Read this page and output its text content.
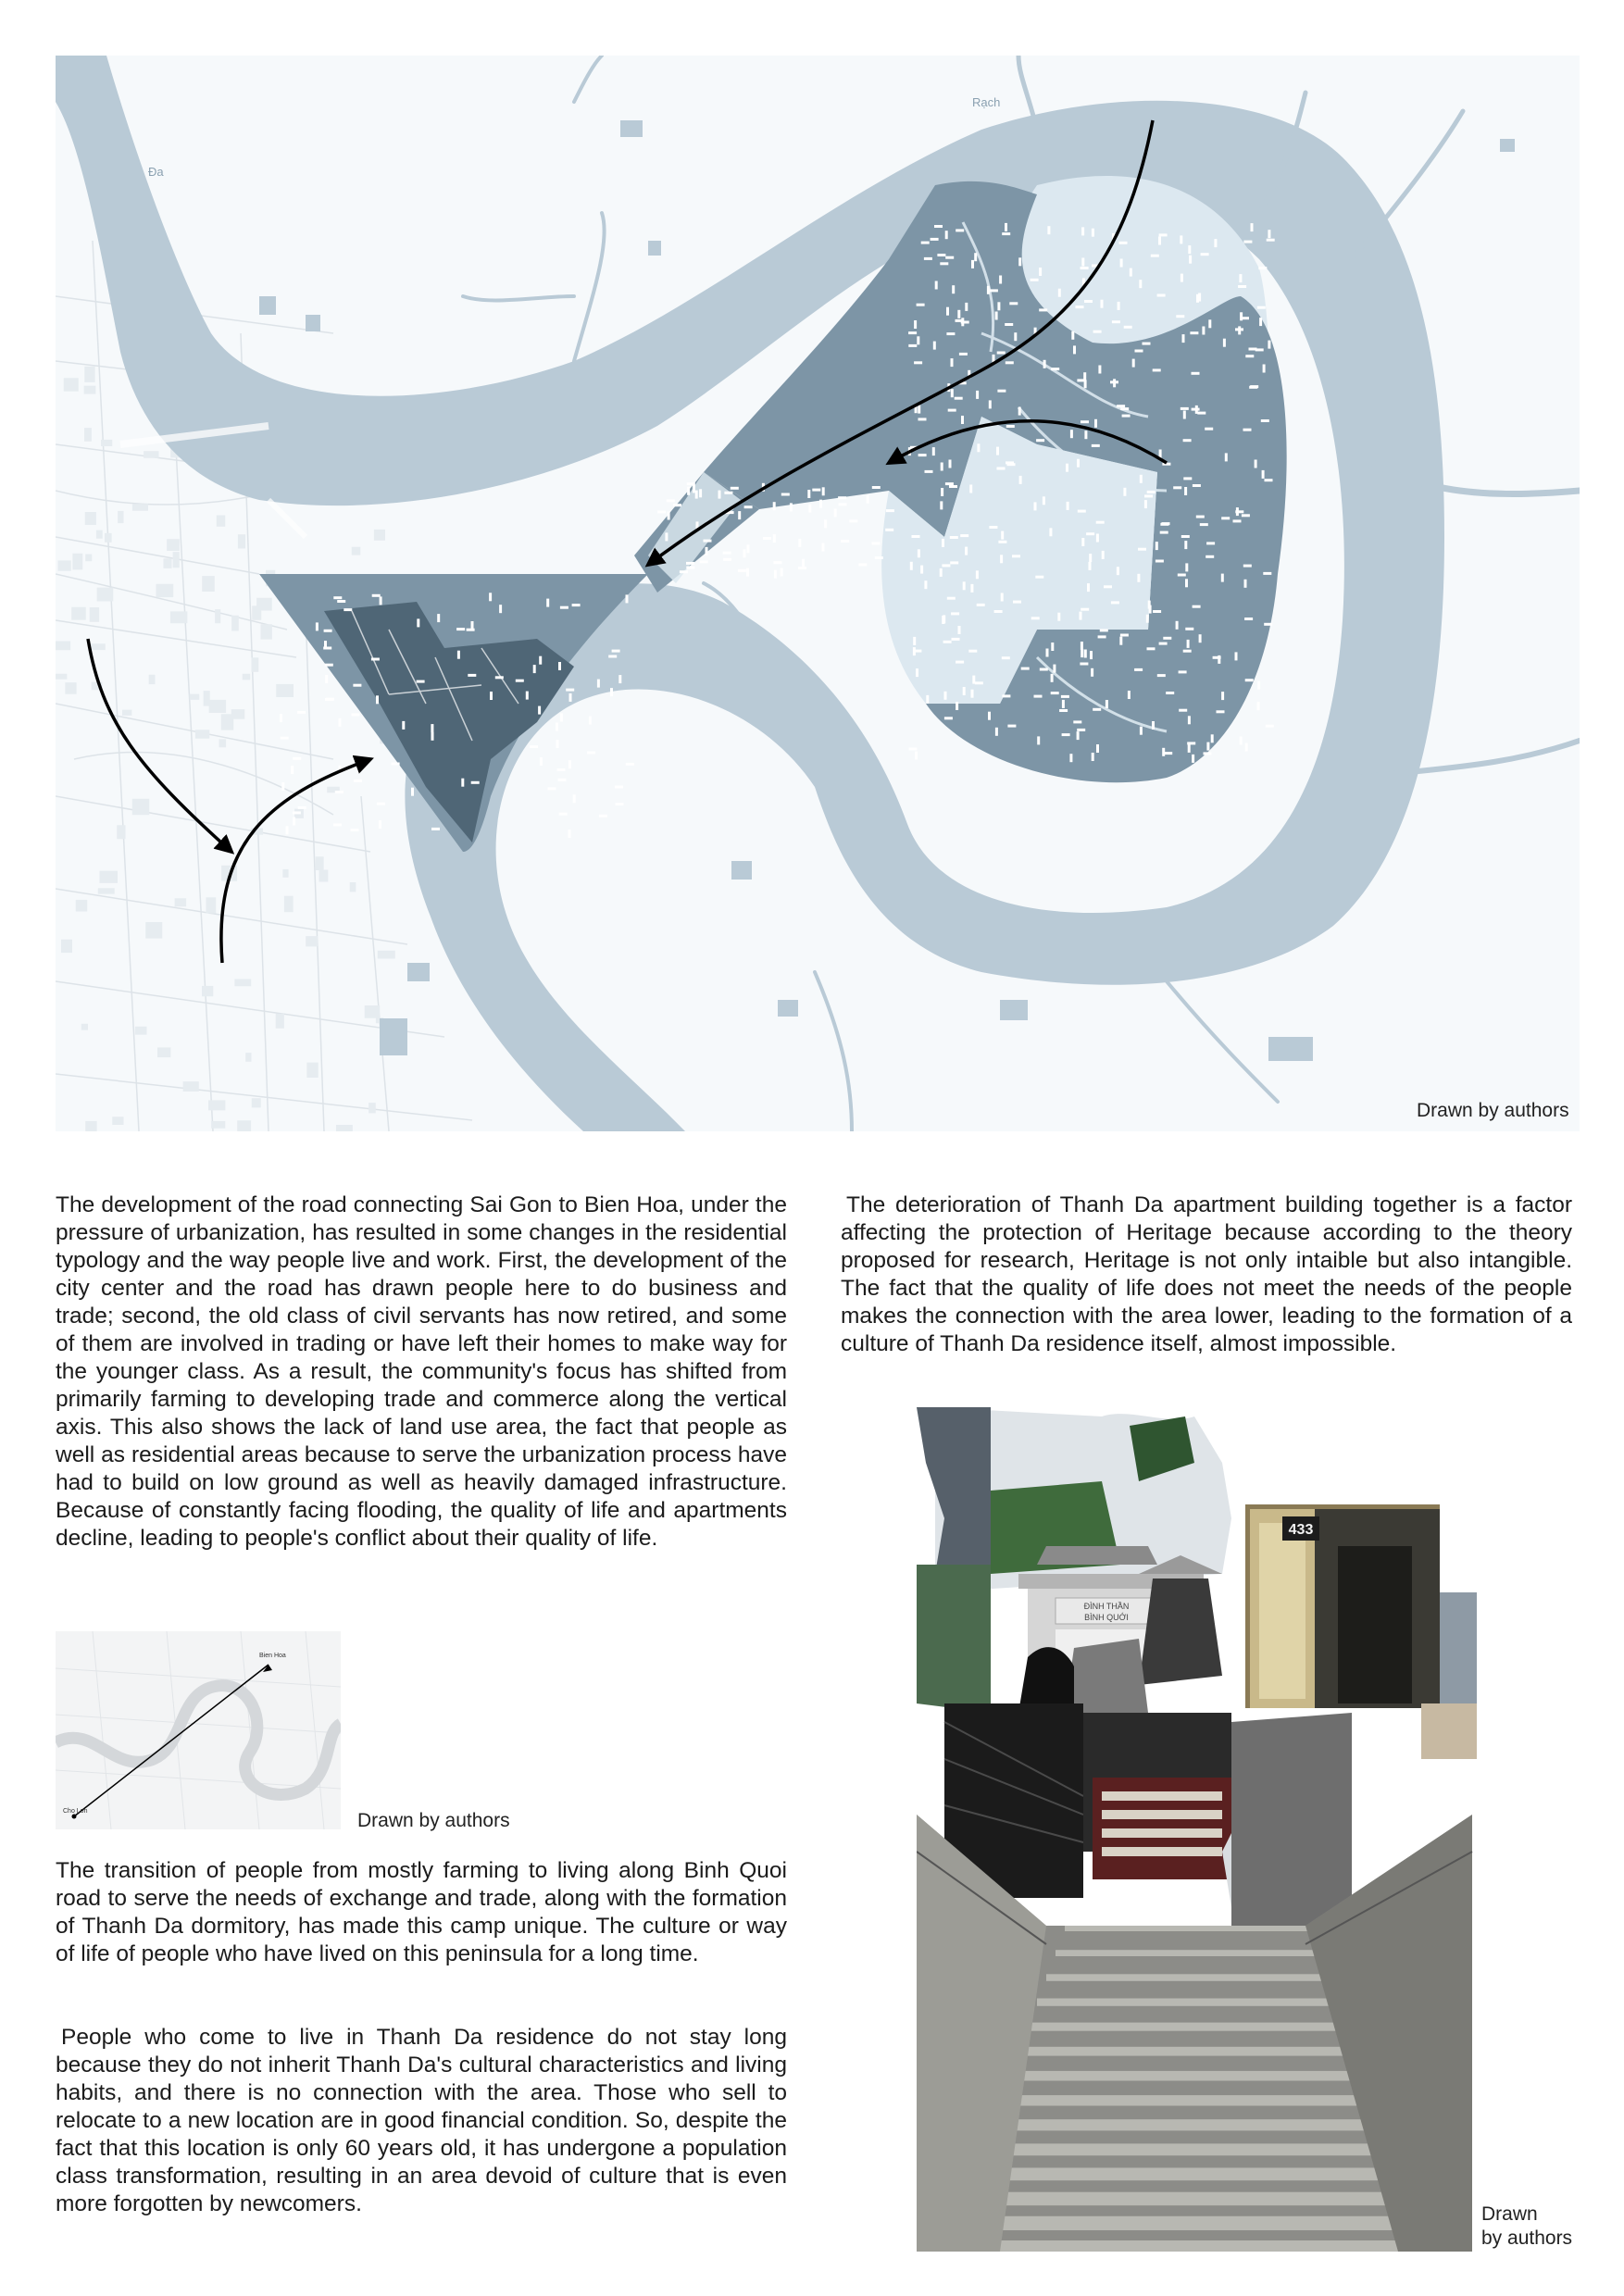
Rạch
Đa
Drawn by authors

The development of the road connecting Sai Gon to Bien Hoa, under the pressure of urbanization, has resulted in some changes in the residential typology and the way people live and work. First, the development of the city center and the road has drawn people here to do business and trade; second, the old class of civil servants has now retired, and some of them are involved in trading or have left their homes to make way for the younger class. As a result, the community's focus has shifted from primarily farming to developing trade and commerce along the vertical axis. This also shows the lack of land use area, the fact that people as well as residential areas because to serve the urbanization process have had to build on low ground as well as heavily damaged infrastructure. Because of constantly facing flooding, the quality of life and apartments decline, leading to people's conflict about their quality of life.

The deterioration of Thanh Da apartment building together is a factor affecting the protection of Heritage because according to the theory proposed for research, Heritage is not only intaible but also intangible. The fact that the quality of life does not meet the needs of the people makes the connection with the area lower, leading to the formation of a culture of Thanh Da residence itself, almost impossible.

Bien Hoa
Cho Lon	Drawn by authors

The transition of people from mostly farming to living along Binh Quoi road to serve the needs of exchange and trade, along with the formation of Thanh Da dormitory, has made this camp unique. The culture or way of life of people who have lived on this peninsula for a long time.

People who come to live in Thanh Da residence do not stay long because they do not inherit Thanh Da's cultural characteristics and living habits, and there is no connection with the area. Those who sell to relocate to a new location are in good financial condition. So, despite the fact that this location is only 60 years old, it has undergone a population class transformation, resulting in an area devoid of culture that is even more forgotten by newcomers.

ĐÌNH THẦN
BÌNH QUỚI
433
Drawn
by authors
